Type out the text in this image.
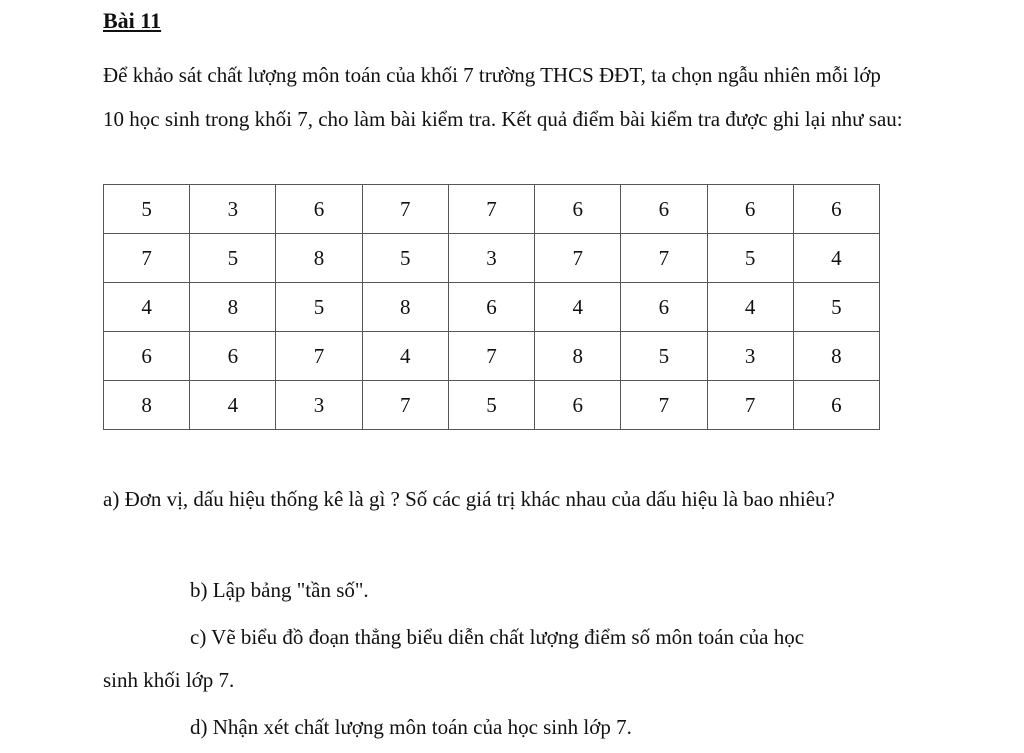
Bài 11
Để khảo sát chất lượng môn toán của khối 7 trường THCS ĐĐT, ta chọn ngẫu nhiên mỗi lớp 10 học sinh trong khối 7, cho làm bài kiểm tra. Kết quả điểm bài kiểm tra được ghi lại như sau:
5	3	6	7	7	6	6	6	6
7	5	8	5	3	7	7	5	4
4	8	5	8	6	4	6	4	5
6	6	7	4	7	8	5	3	8
8	4	3	7	5	6	7	7	6
a) Đơn vị, dấu hiệu thống kê là gì ? Số các giá trị khác nhau của dấu hiệu là bao nhiêu?
b) Lập bảng "tần số".
c) Vẽ biểu đồ đoạn thẳng biểu diễn chất lượng điểm số môn toán của học
sinh khối lớp 7.
d) Nhận xét chất lượng môn toán của học sinh lớp 7.
